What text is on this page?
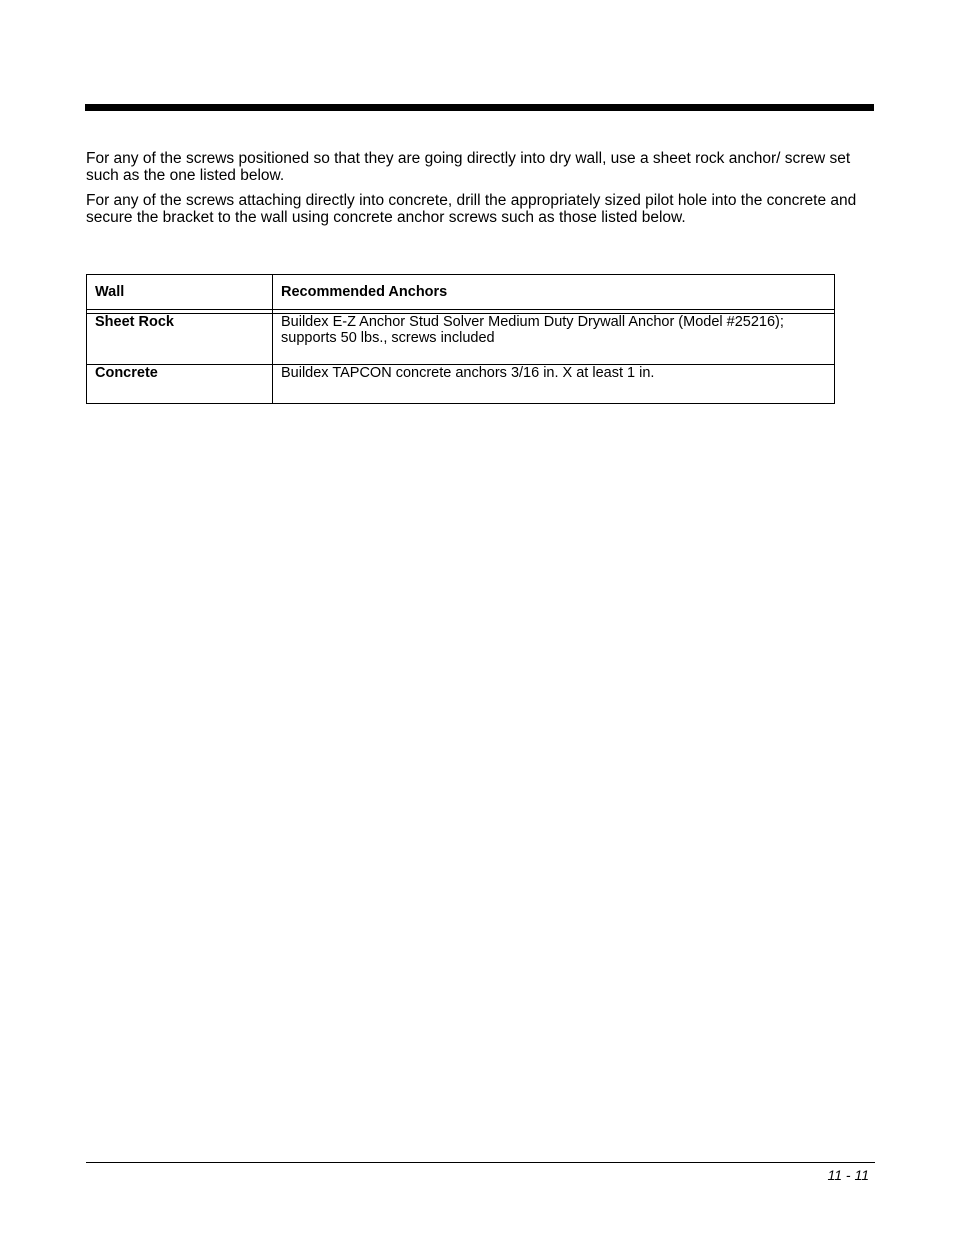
For any of the screws positioned so that they are going directly into dry wall, use a sheet rock anchor/ screw set such as the one listed below.

For any of the screws attaching directly into concrete, drill the appropriately sized pilot hole into the concrete and secure the bracket to the wall using concrete anchor screws such as those listed below.

Wall	Recommended Anchors

Sheet Rock	Buildex E-Z Anchor Stud Solver Medium Duty Drywall Anchor (Model #25216);
supports 50 lbs., screws included

Concrete	Buildex TAPCON concrete anchors 3/16 in. X at least 1 in.
11 - 11
